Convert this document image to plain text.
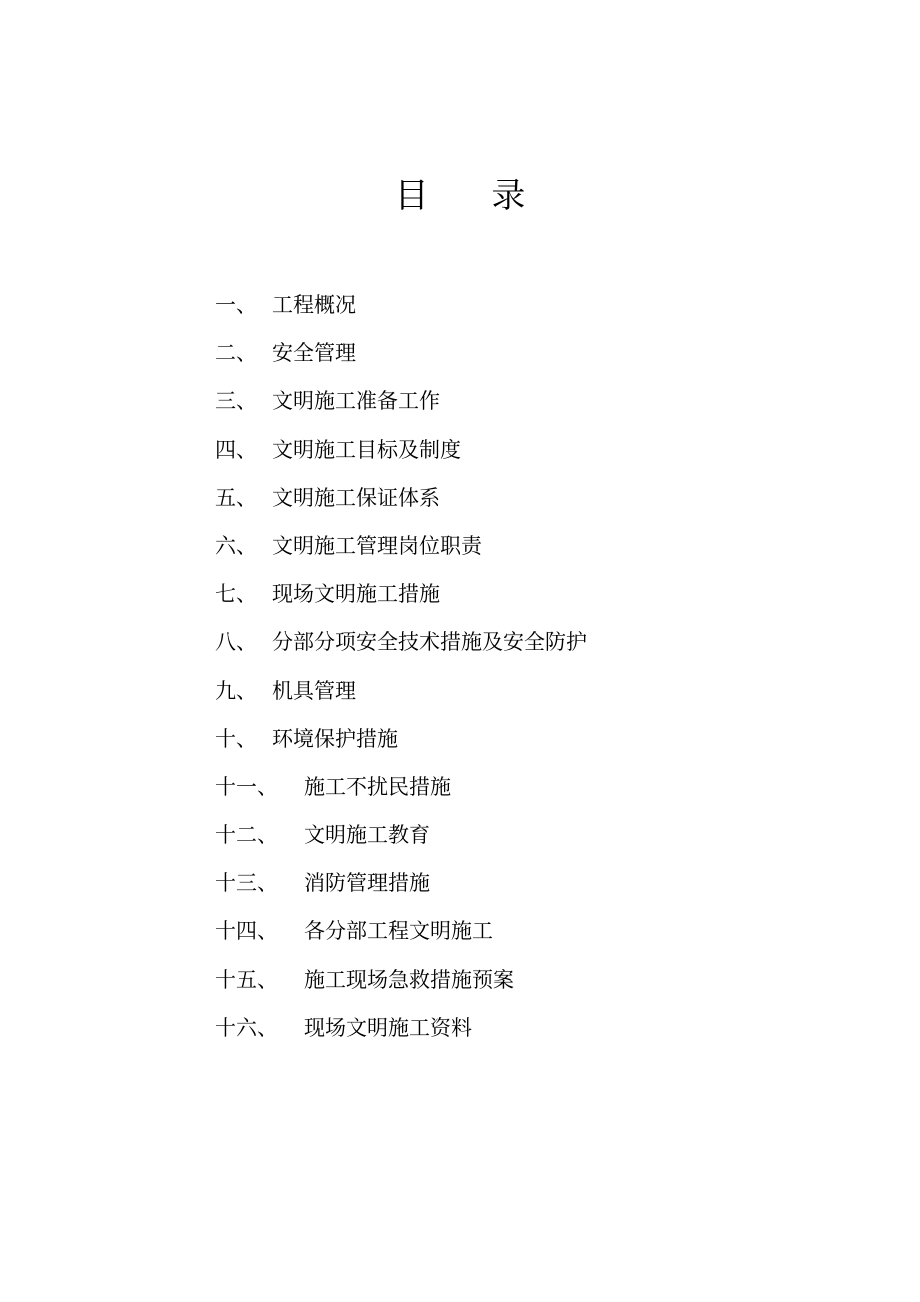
目 录
一、 工程概况
二、 安全管理
三、 文明施工准备工作
四、 文明施工目标及制度
五、 文明施工保证体系
六、 文明施工管理岗位职责
七、 现场文明施工措施
八、 分部分项安全技术措施及安全防护
九、 机具管理
十、 环境保护措施
十一、	施工不扰民措施
十二、	文明施工教育
十三、	消防管理措施
十四、	各分部工程文明施工
十五、	施工现场急救措施预案
十六、	现场文明施工资料
